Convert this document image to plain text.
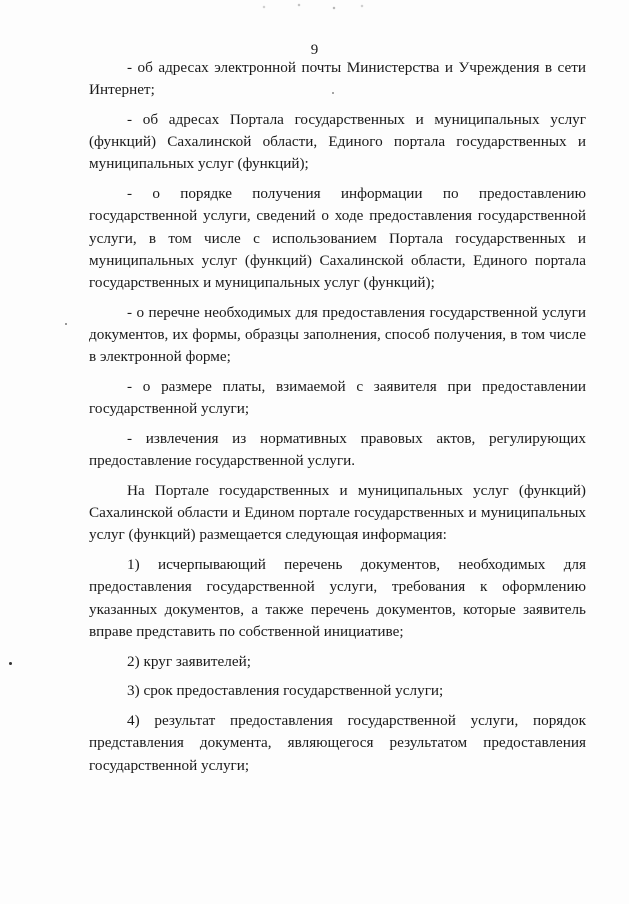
9

- об адресах электронной почты Министерства и Учреждения в сети Интернет;

- об адресах Портала государственных и муниципальных услуг (функций) Сахалинской области, Единого портала государственных и муниципальных услуг (функций);

- о порядке получения информации по предоставлению государственной услуги, сведений о ходе предоставления государственной услуги, в том числе с использованием Портала государственных и муниципальных услуг (функций) Сахалинской области, Единого портала государственных и муниципальных услуг (функций);

- о перечне необходимых для предоставления государственной услуги документов, их формы, образцы заполнения, способ получения, в том числе в электронной форме;

- о размере платы, взимаемой с заявителя при предоставлении государственной услуги;

- извлечения из нормативных правовых актов, регулирующих предоставление государственной услуги.

На Портале государственных и муниципальных услуг (функций) Сахалинской области и Едином портале государственных и муниципальных услуг (функций) размещается следующая информация:

1) исчерпывающий перечень документов, необходимых для предоставления государственной услуги, требования к оформлению указанных документов, а также перечень документов, которые заявитель вправе представить по собственной инициативе;

2) круг заявителей;

3) срок предоставления государственной услуги;

4) результат предоставления государственной услуги, порядок представления документа, являющегося результатом предоставления государственной услуги;
